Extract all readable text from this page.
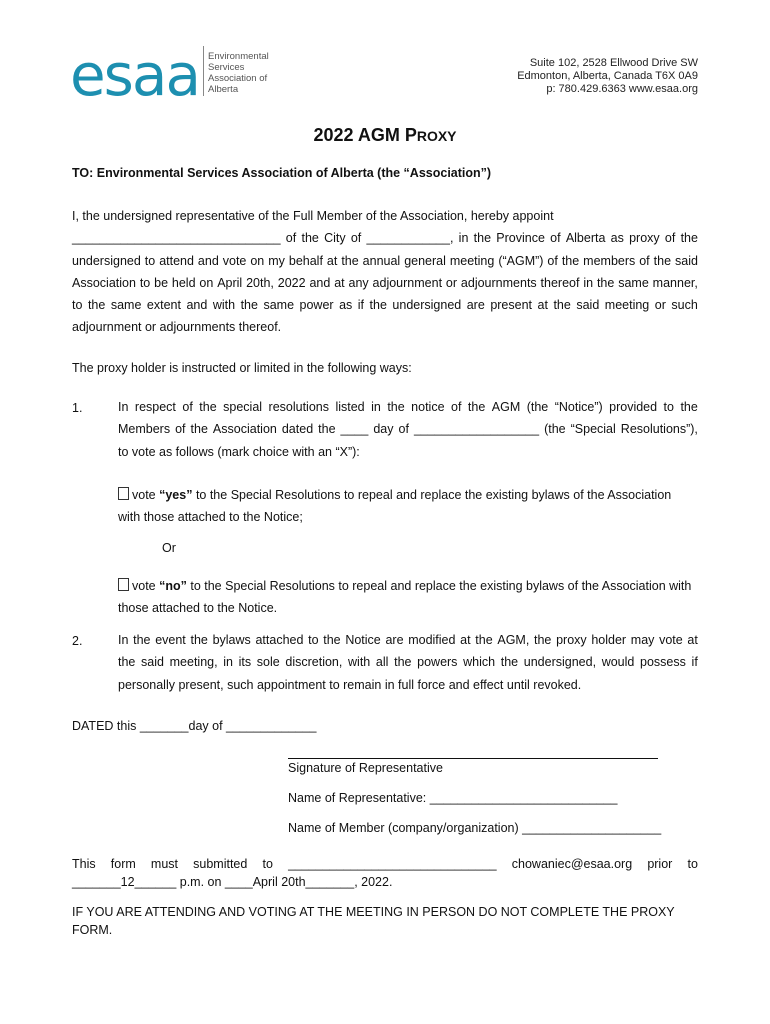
esaa Environmental
Services
Association of
Alberta
Suite 102, 2528 Ellwood Drive SW
Edmonton, Alberta, Canada T6X 0A9
p: 780.429.6363 www.esaa.org
2022 AGM PROXY
TO: Environmental Services Association of Alberta (the “Association”)
I, the undersigned representative of the Full Member of the Association, hereby appoint
______________________________ of the City of ____________, in the Province of Alberta as proxy of the
undersigned to attend and vote on my behalf at the annual general meeting (“AGM”) of the members of the said
Association to be held on April 20th, 2022 and at any adjournment or adjournments thereof in the same manner,
to the same extent and with the same power as if the undersigned are present at the said meeting or such
adjournment or adjournments thereof.
The proxy holder is instructed or limited in the following ways:
1.	In respect of the special resolutions listed in the notice of the AGM (the “Notice”) provided to the
Members of the Association dated the ____ day of __________________ (the “Special Resolutions”),
to vote as follows (mark choice with an “X”):
vote “yes” to the Special Resolutions to repeal and replace the existing bylaws of the Association
with those attached to the Notice;
Or
vote “no” to the Special Resolutions to repeal and replace the existing bylaws of the Association with
those attached to the Notice.
2.	In the event the bylaws attached to the Notice are modified at the AGM, the proxy holder may vote at
the said meeting, in its sole discretion, with all the powers which the undersigned, would possess if
personally present, such appointment to remain in full force and effect until revoked.
DATED this _______day of _____________
Signature of Representative
Name of Representative: ___________________________
Name of Member (company/organization) ____________________
This form must submitted to ______________________________ chowaniec@esaa.org prior to
_______12______ p.m. on ____April 20th_______, 2022.
IF YOU ARE ATTENDING AND VOTING AT THE MEETING IN PERSON DO NOT COMPLETE THE PROXY FORM.
